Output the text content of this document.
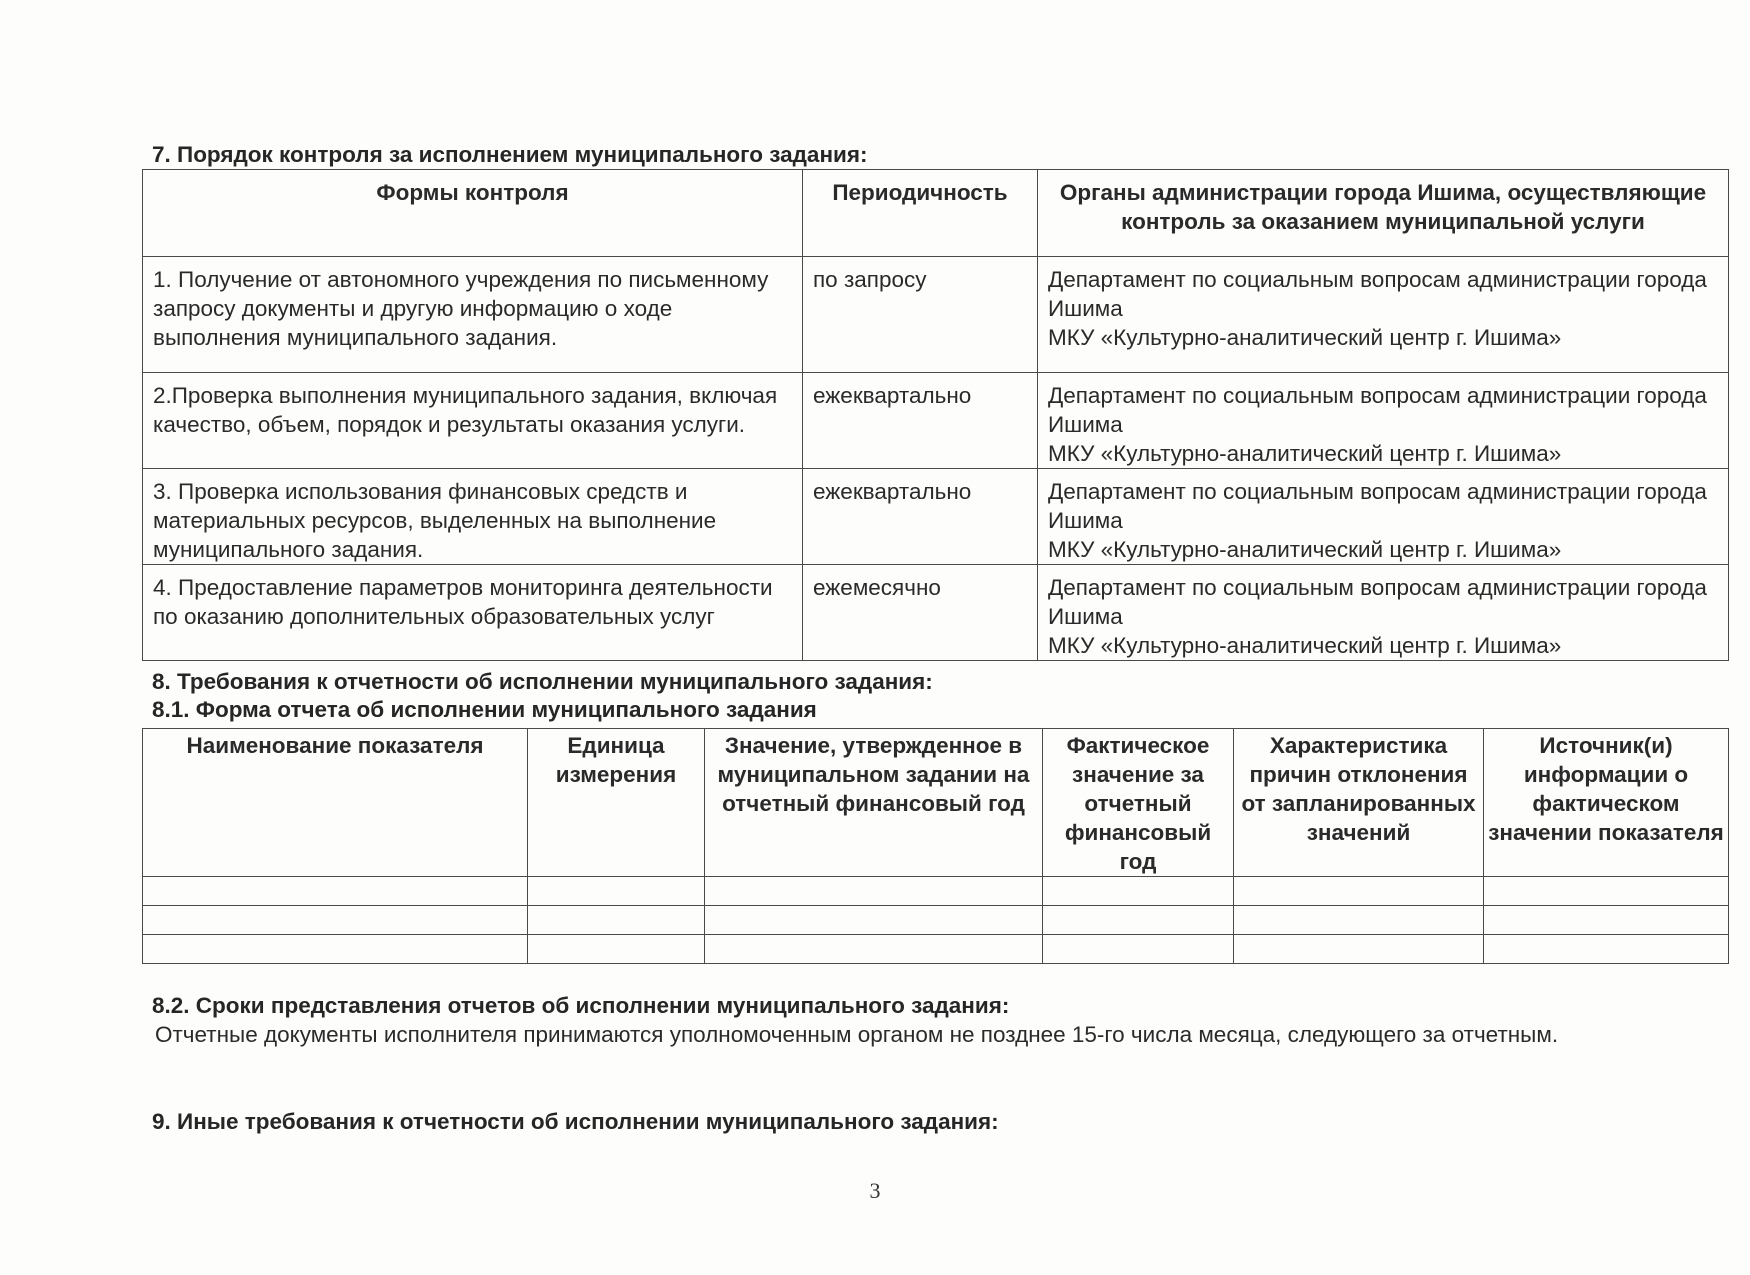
7. Порядок контроля за исполнением муниципального задания:
Формы контроля	Периодичность	Органы администрации города Ишима, осуществляющие контроль за оказанием муниципальной услуги
1. Получение от автономного учреждения по письменному запросу документы и другую информацию о ходе выполнения муниципального задания.	по запросу	Департамент по социальным вопросам администрации города Ишима
МКУ «Культурно-аналитический центр г. Ишима»
2.Проверка выполнения муниципального задания, включая качество, объем, порядок и результаты оказания услуги.	ежеквартально	Департамент по социальным вопросам администрации города Ишима
МКУ «Культурно-аналитический центр г. Ишима»
3. Проверка использования финансовых средств и материальных ресурсов, выделенных на выполнение муниципального задания.	ежеквартально	Департамент по социальным вопросам администрации города Ишима
МКУ «Культурно-аналитический центр г. Ишима»
4. Предоставление параметров мониторинга деятельности по оказанию дополнительных образовательных услуг	ежемесячно	Департамент по социальным вопросам администрации города Ишима
МКУ «Культурно-аналитический центр г. Ишима»
8. Требования к отчетности об исполнении муниципального задания:
8.1. Форма отчета об исполнении муниципального задания
Наименование показателя	Единица измерения	Значение, утвержденное в муниципальном задании на отчетный финансовый год	Фактическое значение за отчетный финансовый год	Характеристика причин отклонения от запланированных значений	Источник(и) информации о фактическом значении показателя

8.2. Сроки представления отчетов об исполнении муниципального задания:
Отчетные документы исполнителя принимаются уполномоченным органом не позднее 15-го числа месяца, следующего за отчетным.
9. Иные требования к отчетности об исполнении муниципального задания:
3
